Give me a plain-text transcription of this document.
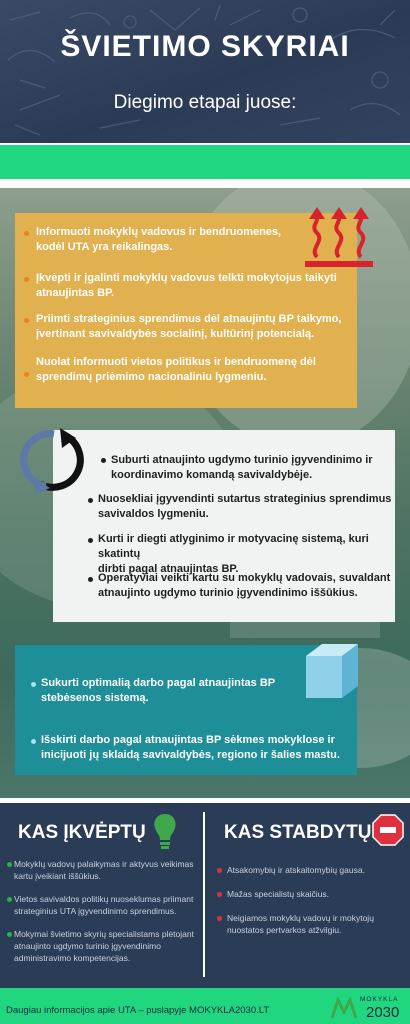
ŠVIETIMO SKYRIAI
Diegimo etapai juose:
Informuoti mokyklų vadovus ir bendruomenes,
kodėl UTA yra reikalingas.
Įkvėpti ir įgalinti mokyklų vadovus telkti mokytojus taikyti
atnaujintas BP.
Priimti strateginius sprendimus dėl atnaujintų BP taikymo,
įvertinant savivaldybės socialinį, kultūrinį potencialą.
Nuolat informuoti vietos politikus ir bendruomenę dėl
sprendimų priėmimo nacionaliniu lygmeniu.
Suburti atnaujinto ugdymo turinio įgyvendinimo ir
koordinavimo komandą savivaldybėje.
Nuosekliai įgyvendinti sutartus strateginius sprendimus
savivaldos lygmeniu.
Kurti ir diegti atlyginimo ir motyvacinę sistemą, kuri skatintų
dirbti pagal atnaujintas BP.
Operatyviai veikti kartu su mokyklų vadovais, suvaldant
atnaujinto ugdymo turinio įgyvendinimo iššūkius.
Sukurti optimalią darbo pagal atnaujintas BP
stebėsenos sistemą.
Išskirti darbo pagal atnaujintas BP sėkmes mokyklose ir
inicijuoti jų sklaidą savivaldybės, regiono ir šalies mastu.
KAS ĮKVĖPTŲ	KAS STABDYTŲ
Mokyklų vadovų palaikymas ir aktyvus veikimas
kartu įveikiant iššūkius.
Vietos savivaldos politikų nuoseklumas priimant
strateginius UTA įgyvendinimo sprendimus.
Mokymai švietimo skyrių specialistams plėtojant
atnaujinto ugdymo turinio įgyvendinimo
administravimo kompetencijas.
Atsakomybių ir atskaitomybių gausa.
Mažas specialistų skaičius.
Neigiamos mokyklų vadovų ir mokytojų
nuostatos pertvarkos atžvilgiu.
Daugiau informacijos apie UTA – puslapyje MOKYKLA2030.LT
MOKYKLA
2030
